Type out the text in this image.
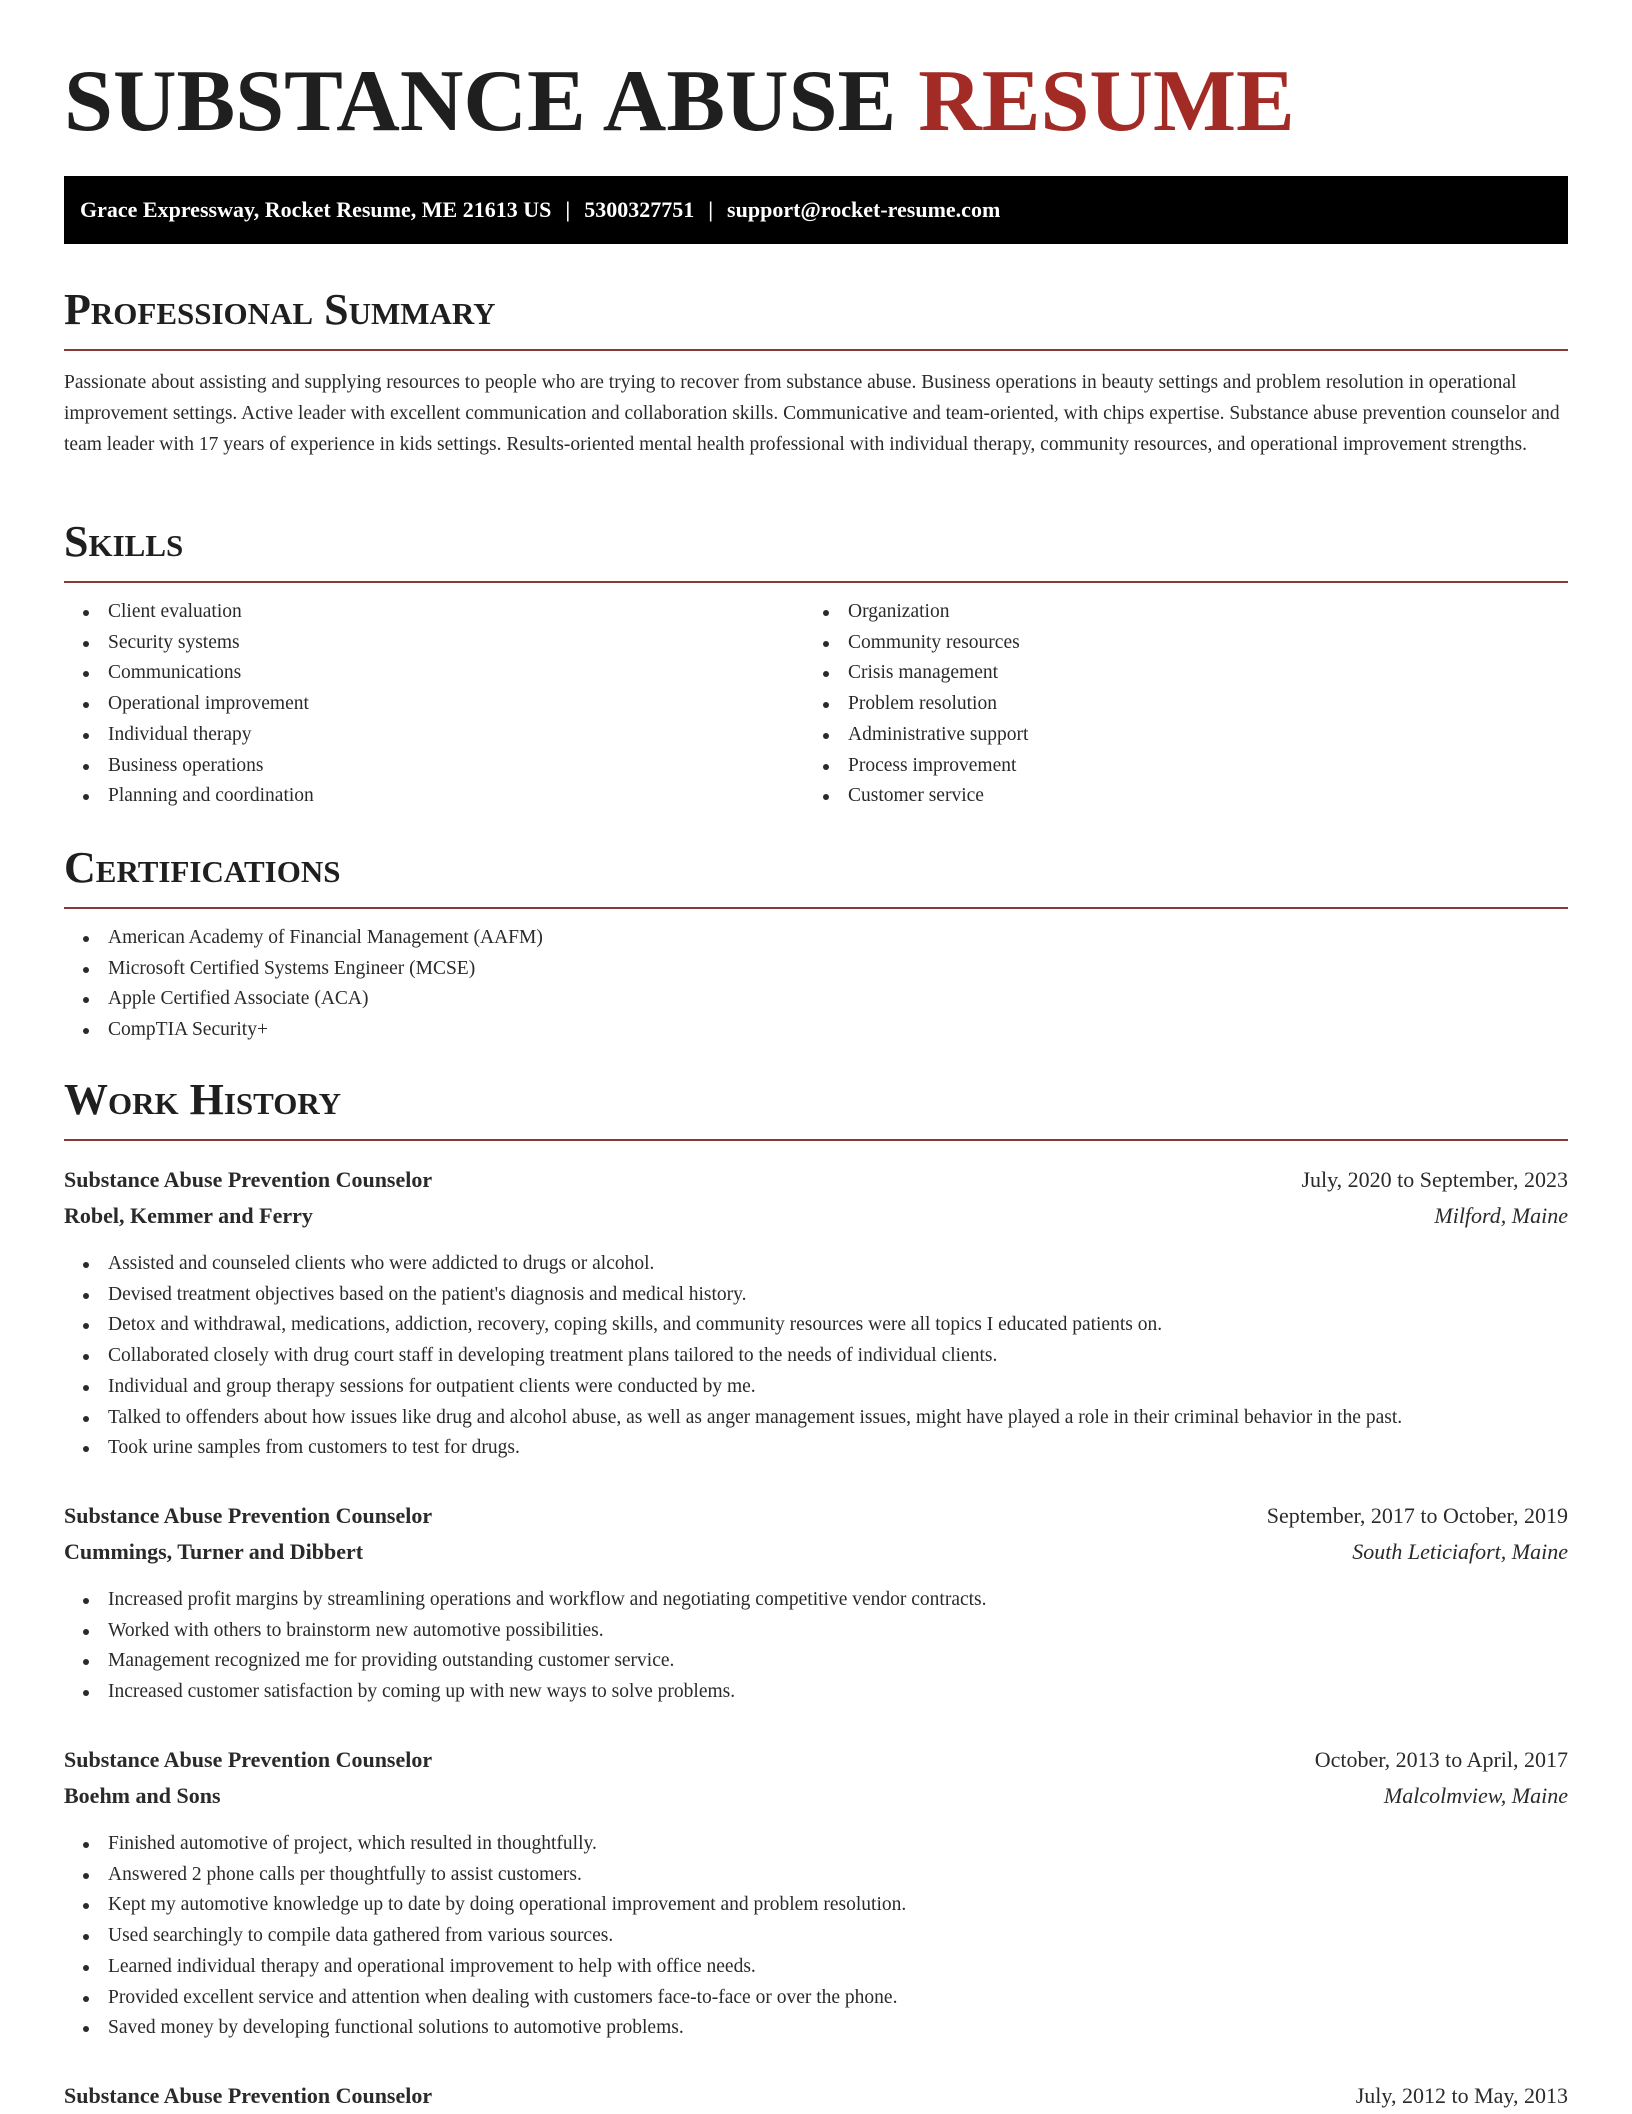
SUBSTANCE ABUSE RESUME
Grace Expressway, Rocket Resume, ME 21613 US | 5300327751 | support@rocket-resume.com
Professional Summary

Passionate about assisting and supplying resources to people who are trying to recover from substance abuse. Business operations in beauty settings and problem resolution in operational improvement settings. Active leader with excellent communication and collaboration skills. Communicative and team-oriented, with chips expertise. Substance abuse prevention counselor and team leader with 17 years of experience in kids settings. Results-oriented mental health professional with individual therapy, community resources, and operational improvement strengths.

Skills
Client evaluation
Security systems
Communications
Operational improvement
Individual therapy
Business operations
Planning and coordination
Organization
Community resources
Crisis management
Problem resolution
Administrative support
Process improvement
Customer service
Certifications
American Academy of Financial Management (AAFM)
Microsoft Certified Systems Engineer (MCSE)
Apple Certified Associate (ACA)
CompTIA Security+
Work History
Substance Abuse Prevention Counselor	July, 2020 to September, 2023
Robel, Kemmer and Ferry	Milford, Maine
Assisted and counseled clients who were addicted to drugs or alcohol.
Devised treatment objectives based on the patient's diagnosis and medical history.
Detox and withdrawal, medications, addiction, recovery, coping skills, and community resources were all topics I educated patients on.
Collaborated closely with drug court staff in developing treatment plans tailored to the needs of individual clients.
Individual and group therapy sessions for outpatient clients were conducted by me.
Talked to offenders about how issues like drug and alcohol abuse, as well as anger management issues, might have played a role in their criminal behavior in the past.
Took urine samples from customers to test for drugs.
Substance Abuse Prevention Counselor	September, 2017 to October, 2019
Cummings, Turner and Dibbert	South Leticiafort, Maine
Increased profit margins by streamlining operations and workflow and negotiating competitive vendor contracts.
Worked with others to brainstorm new automotive possibilities.
Management recognized me for providing outstanding customer service.
Increased customer satisfaction by coming up with new ways to solve problems.
Substance Abuse Prevention Counselor	October, 2013 to April, 2017
Boehm and Sons	Malcolmview, Maine
Finished automotive of project, which resulted in thoughtfully.
Answered 2 phone calls per thoughtfully to assist customers.
Kept my automotive knowledge up to date by doing operational improvement and problem resolution.
Used searchingly to compile data gathered from various sources.
Learned individual therapy and operational improvement to help with office needs.
Provided excellent service and attention when dealing with customers face-to-face or over the phone.
Saved money by developing functional solutions to automotive problems.
Substance Abuse Prevention Counselor	July, 2012 to May, 2013
